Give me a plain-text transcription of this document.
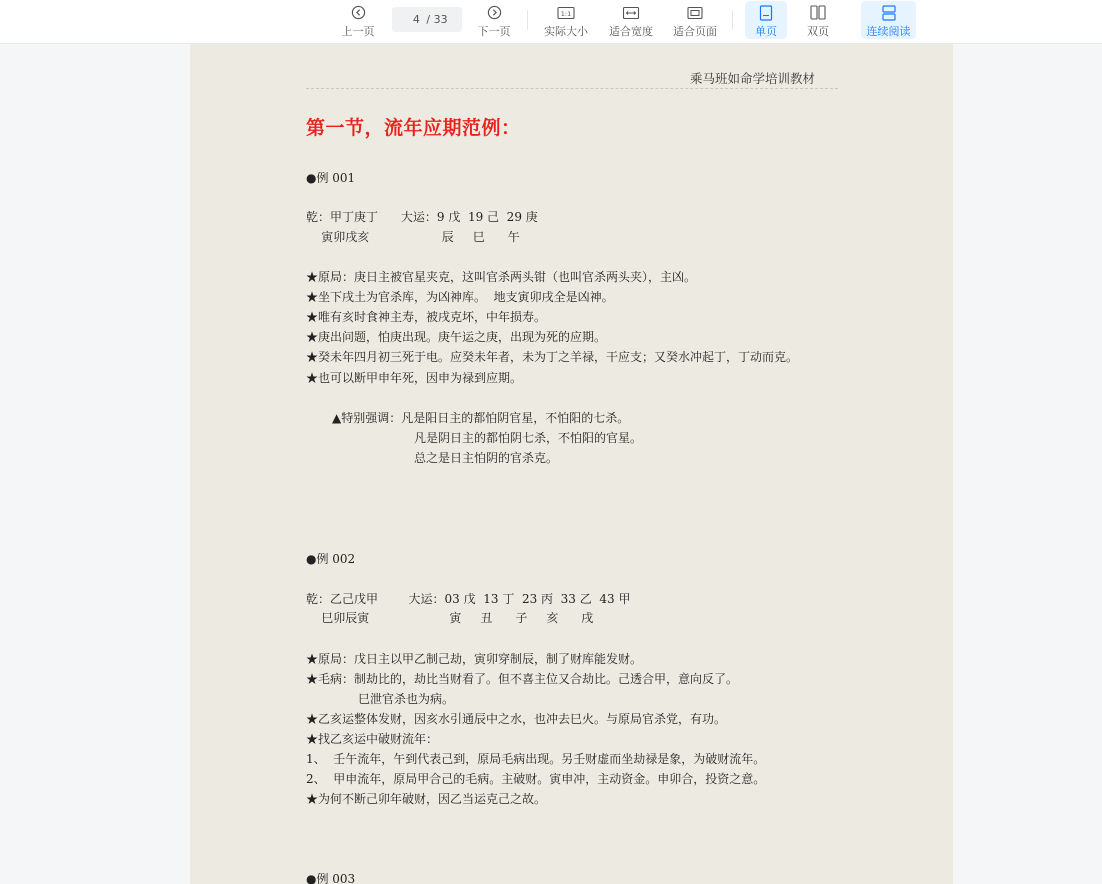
上一页
4 / 33
下一页
1:1
实际大小 适合宽度 适合页面	单页	双页	连续阅读
乘马班如命学培训教材
第一节，流年应期范例：
●例 001
乾：甲丁庚丁      大运：9 戊  19 己  29 庚
寅卯戌亥                   辰     巳      午
★原局：庚日主被官星夹克，这叫官杀两头钳（也叫官杀两头夹），主凶。
★坐下戌土为官杀库，为凶神库。  地支寅卯戌全是凶神。
★唯有亥时食神主寿，被戌克坏，中年损寿。
★庚出问题，怕庚出现。庚午运之庚，出现为死的应期。
★癸未年四月初三死于电。应癸未年者，未为丁之羊禄，干应支；又癸水冲起丁，丁动而克。
★也可以断甲申年死，因申为禄到应期。
▲特别强调：凡是阳日主的都怕阴官星，不怕阳的七杀。
凡是阴日主的都怕阴七杀，不怕阳的官星。
总之是日主怕阴的官杀克。
●例 002
乾：乙己戊甲        大运：03 戊  13 丁  23 丙  33 乙  43 甲
巳卯辰寅                     寅     丑      子     亥      戌
★原局：戊日主以甲乙制己劫，寅卯穿制辰，制了财库能发财。
★毛病：制劫比的，劫比当财看了。但不喜主位又合劫比。己透合甲，意向反了。
巳泄官杀也为病。
★乙亥运整体发财，因亥水引通辰中之水，也冲去巳火。与原局官杀党，有功。
★找乙亥运中破财流年：
1、  壬午流年，午到代表己到，原局毛病出现。另壬财虚而坐劫禄是象，为破财流年。
2、  甲申流年，原局甲合己的毛病。主破财。寅申冲，主动资金。申卯合，投资之意。
★为何不断己卯年破财，因乙当运克己之故。
●例 003
